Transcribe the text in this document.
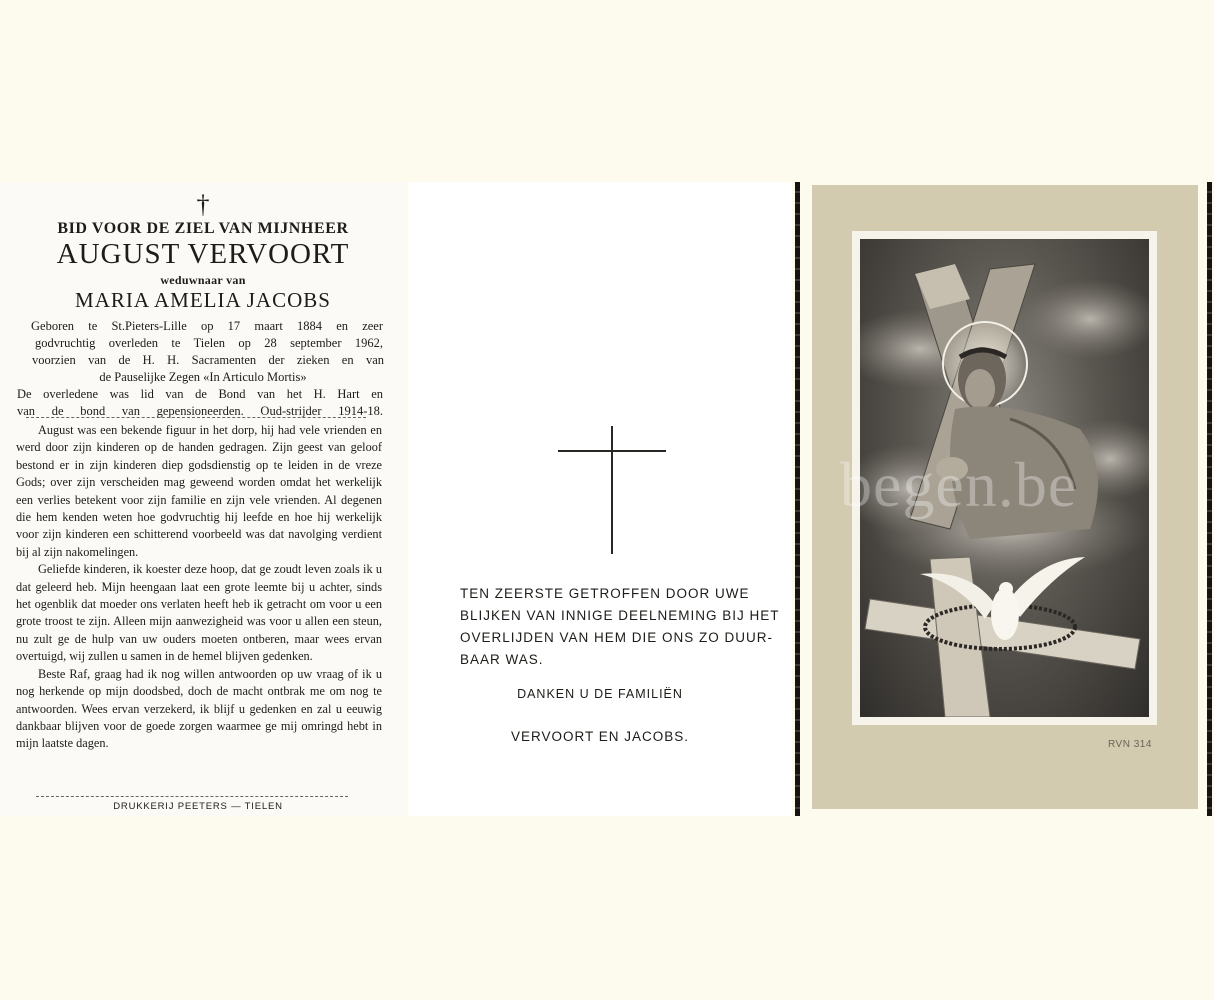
†
BID VOOR DE ZIEL VAN MIJNHEER
AUGUST VERVOORT
weduwnaar van
MARIA AMELIA JACOBS
Geboren te St.Pieters-Lille op 17 maart 1884 en zeer
godvruchtig overleden te Tielen op 28 september 1962,
voorzien van de H. H. Sacramenten der zieken en van
de Pauselijke Zegen «In Articulo Mortis»
De overledene was lid van de Bond van het H. Hart en
van de bond van gepensioneerden. Oud-strijder 1914-18.

August was een bekende figuur in het dorp, hij had vele vrienden en werd door zijn kinderen op de handen gedragen. Zijn geest van geloof bestond er in zijn kinderen diep godsdienstig op te leiden in de vreze Gods; over zijn verscheiden mag geweend worden omdat het werkelijk een verlies betekent voor zijn familie en zijn vele vrienden. Al degenen die hem kenden weten hoe godvruchtig hij leefde en hoe hij werkelijk voor zijn kinderen een schitterend voorbeeld was dat navolging verdient bij al zijn nakomelingen.

Geliefde kinderen, ik koester deze hoop, dat ge zoudt leven zoals ik u dat geleerd heb. Mijn heengaan laat een grote leemte bij u achter, sinds het ogenblik dat moeder ons verlaten heeft heb ik getracht om voor u een grote troost te zijn. Alleen mijn aanwezigheid was voor u allen een steun, nu zult ge de hulp van uw ouders moeten ontberen, maar wees ervan overtuigd, wij zullen u samen in de hemel blijven gedenken.

Beste Raf, graag had ik nog willen antwoorden op uw vraag of ik u nog herkende op mijn doodsbed, doch de macht ontbrak me om nog te antwoorden. Wees ervan verzekerd, ik blijf u gedenken en zal u eeuwig dankbaar blijven voor de goede zorgen waarmee ge mij omringd hebt in mijn laatste dagen.

DRUKKERIJ PEETERS — TIELEN
TEN ZEERSTE GETROFFEN DOOR UWE
BLIJKEN VAN INNIGE DEELNEMING BIJ HET
OVERLIJDEN VAN HEM DIE ONS ZO DUUR-
BAAR WAS.
DANKEN U DE FAMILIËN
VERVOORT EN JACOBS.
RVN 314
begen.be
